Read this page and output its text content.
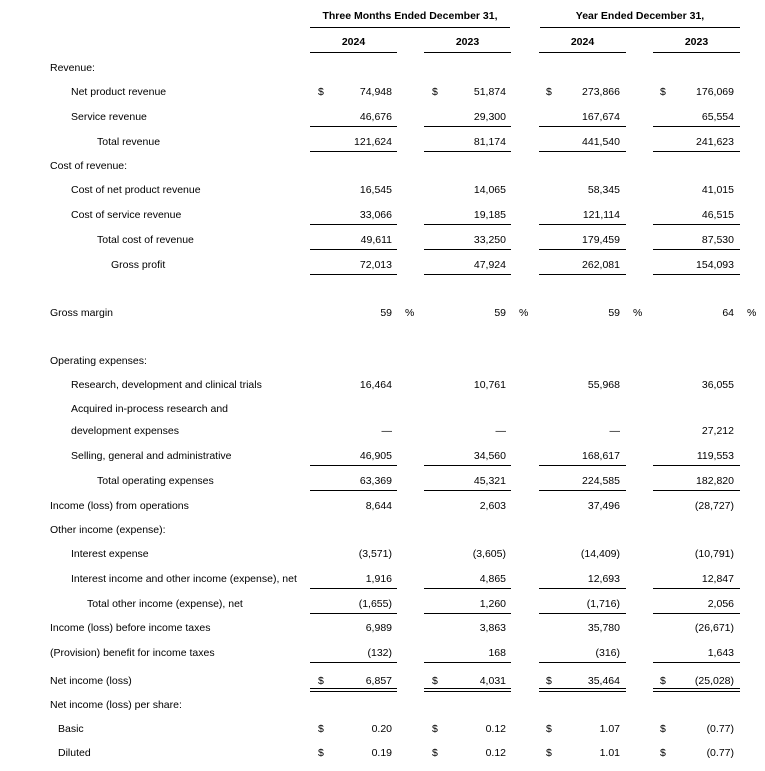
Three Months Ended December 31,	Year Ended December 31,
2024	2023	2024	2023
Revenue:
Net product revenue	$	74,948	$	51,874	$	273,866	$	176,069
Service revenue	46,676	29,300	167,674	65,554
Total revenue	121,624	81,174	441,540	241,623
Cost of revenue:
Cost of net product revenue	16,545	14,065	58,345	41,015
Cost of service revenue	33,066	19,185	121,114	46,515
Total cost of revenue	49,611	33,250	179,459	87,530
Gross profit	72,013	47,924	262,081	154,093
Gross margin	59 %	59 %	59 %	64 %
Operating expenses:
Research, development and clinical trials	16,464	10,761	55,968	36,055
Acquired in-process research and
development expenses	—	—	—	27,212
Selling, general and administrative	46,905	34,560	168,617	119,553
Total operating expenses	63,369	45,321	224,585	182,820
Income (loss) from operations	8,644	2,603	37,496	(28,727)
Other income (expense):
Interest expense	(3,571)	(3,605)	(14,409)	(10,791)
Interest income and other income (expense), net	1,916	4,865	12,693	12,847
Total other income (expense), net	(1,655)	1,260	(1,716)	2,056
Income (loss) before income taxes	6,989	3,863	35,780	(26,671)
(Provision) benefit for income taxes	(132)	168	(316)	1,643
Net income (loss)	$	6,857	$	4,031	$	35,464	$	(25,028)
Net income (loss) per share:
Basic	$	0.20	$	0.12	$	1.07	$	(0.77)
Diluted	$	0.19	$	0.12	$	1.01	$	(0.77)
